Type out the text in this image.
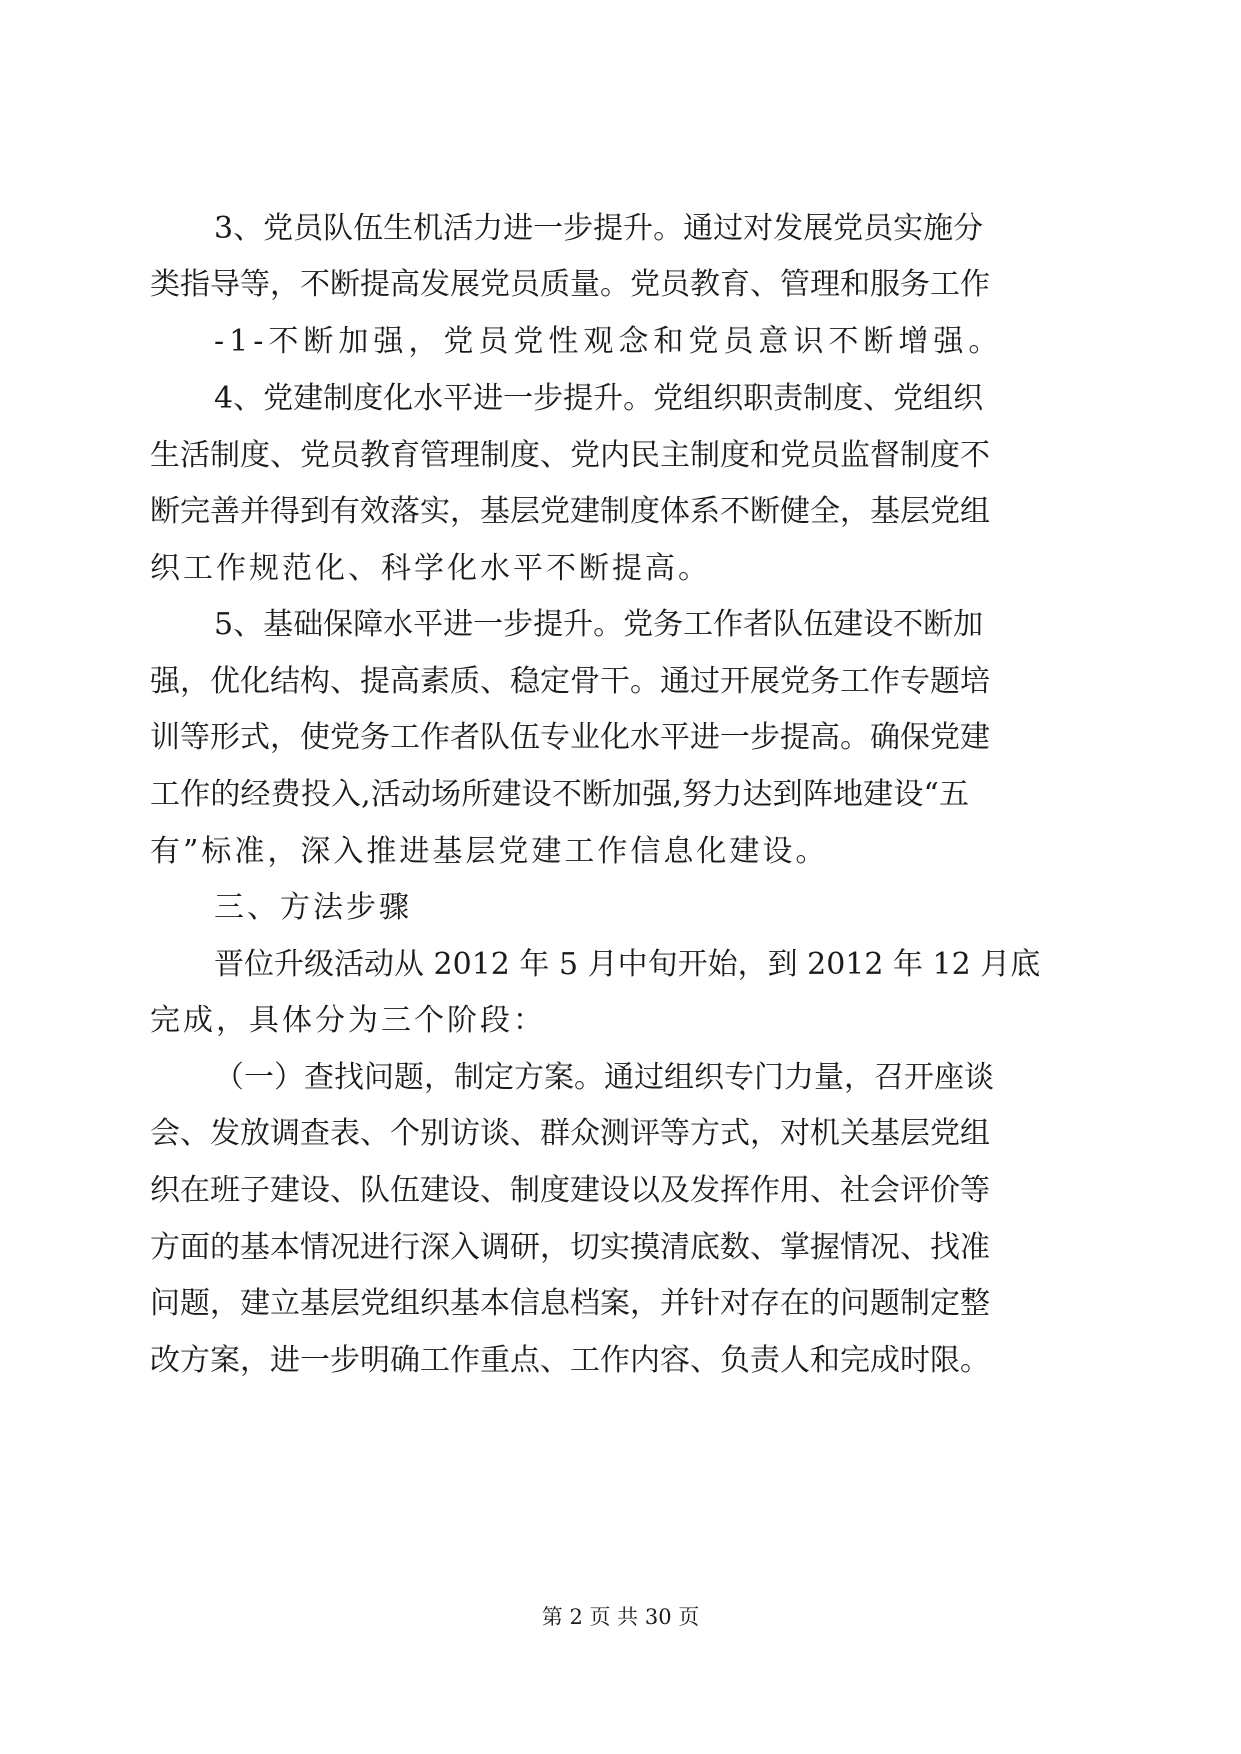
3、党员队伍生机活力进一步提升。通过对发展党员实施分
类指导等，不断提高发展党员质量。党员教育、管理和服务工作
-1-不断加强，党员党性观念和党员意识不断增强。
4、党建制度化水平进一步提升。党组织职责制度、党组织
生活制度、党员教育管理制度、党内民主制度和党员监督制度不
断完善并得到有效落实，基层党建制度体系不断健全，基层党组
织工作规范化、科学化水平不断提高。
5、基础保障水平进一步提升。党务工作者队伍建设不断加
强，优化结构、提高素质、稳定骨干。通过开展党务工作专题培
训等形式，使党务工作者队伍专业化水平进一步提高。确保党建
工作的经费投入,活动场所建设不断加强,努力达到阵地建设“五
有”标准，深入推进基层党建工作信息化建设。
三、方法步骤
晋位升级活动从 2012 年 5 月中旬开始，到 2012 年 12 月底
完成，具体分为三个阶段：
（一）查找问题，制定方案。通过组织专门力量，召开座谈
会、发放调查表、个别访谈、群众测评等方式，对机关基层党组
织在班子建设、队伍建设、制度建设以及发挥作用、社会评价等
方面的基本情况进行深入调研，切实摸清底数、掌握情况、找准
问题，建立基层党组织基本信息档案，并针对存在的问题制定整
改方案，进一步明确工作重点、工作内容、负责人和完成时限。
第 2 页 共 30 页
